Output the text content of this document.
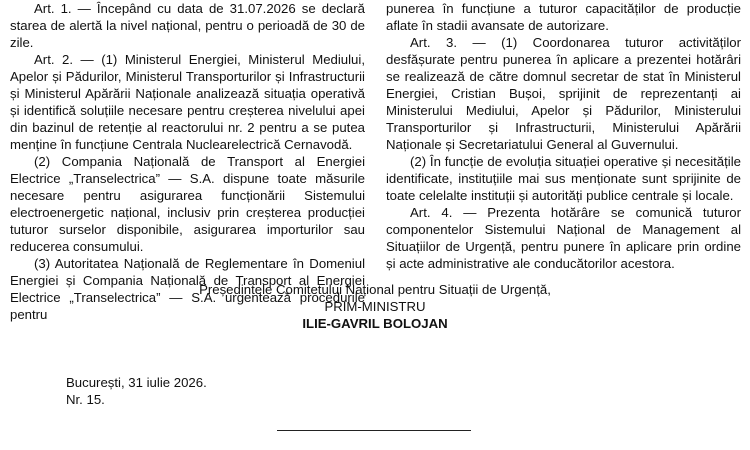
Art. 1. — Începând cu data de 31.07.2026 se declară starea de alertă la nivel național, pentru o perioadă de 30 de zile.

Art. 2. — (1) Ministerul Energiei, Ministerul Mediului, Apelor și Pădurilor, Ministerul Transporturilor și Infrastructurii și Ministerul Apărării Naționale analizează situația operativă și identifică soluțiile necesare pentru creșterea nivelului apei din bazinul de retenție al reactorului nr. 2 pentru a se putea menține în funcțiune Centrala Nuclearelectrică Cernavodă.

(2) Compania Națională de Transport al Energiei Electrice „Transelectrica” — S.A. dispune toate măsurile necesare pentru asigurarea funcționării Sistemului electroenergetic național, inclusiv prin creșterea producției tuturor surselor disponibile, asigurarea importurilor sau reducerea consumului.

(3) Autoritatea Națională de Reglementare în Domeniul Energiei și Compania Națională de Transport al Energiei Electrice „Transelectrica” — S.A. urgentează procedurile pentru

punerea în funcțiune a tuturor capacităților de producție aflate în stadii avansate de autorizare.

Art. 3. — (1) Coordonarea tuturor activităților desfășurate pentru punerea în aplicare a prezentei hotărâri se realizează de către domnul secretar de stat în Ministerul Energiei, Cristian Bușoi, sprijinit de reprezentanți ai Ministerului Mediului, Apelor și Pădurilor, Ministerului Transporturilor și Infrastructurii, Ministerului Apărării Naționale și Secretariatului General al Guvernului.

(2) În funcție de evoluția situației operative și necesitățile identificate, instituțiile mai sus menționate sunt sprijinite de toate celelalte instituții și autorități publice centrale și locale.

Art. 4. — Prezenta hotărâre se comunică tuturor componentelor Sistemului Național de Management al Situațiilor de Urgență, pentru punere în aplicare prin ordine și acte administrative ale conducătorilor acestora.

Președintele Comitetului Național pentru Situații de Urgență,
PRIM-MINISTRU
ILIE-GAVRIL BOLOJAN
București, 31 iulie 2026.
Nr. 15.
